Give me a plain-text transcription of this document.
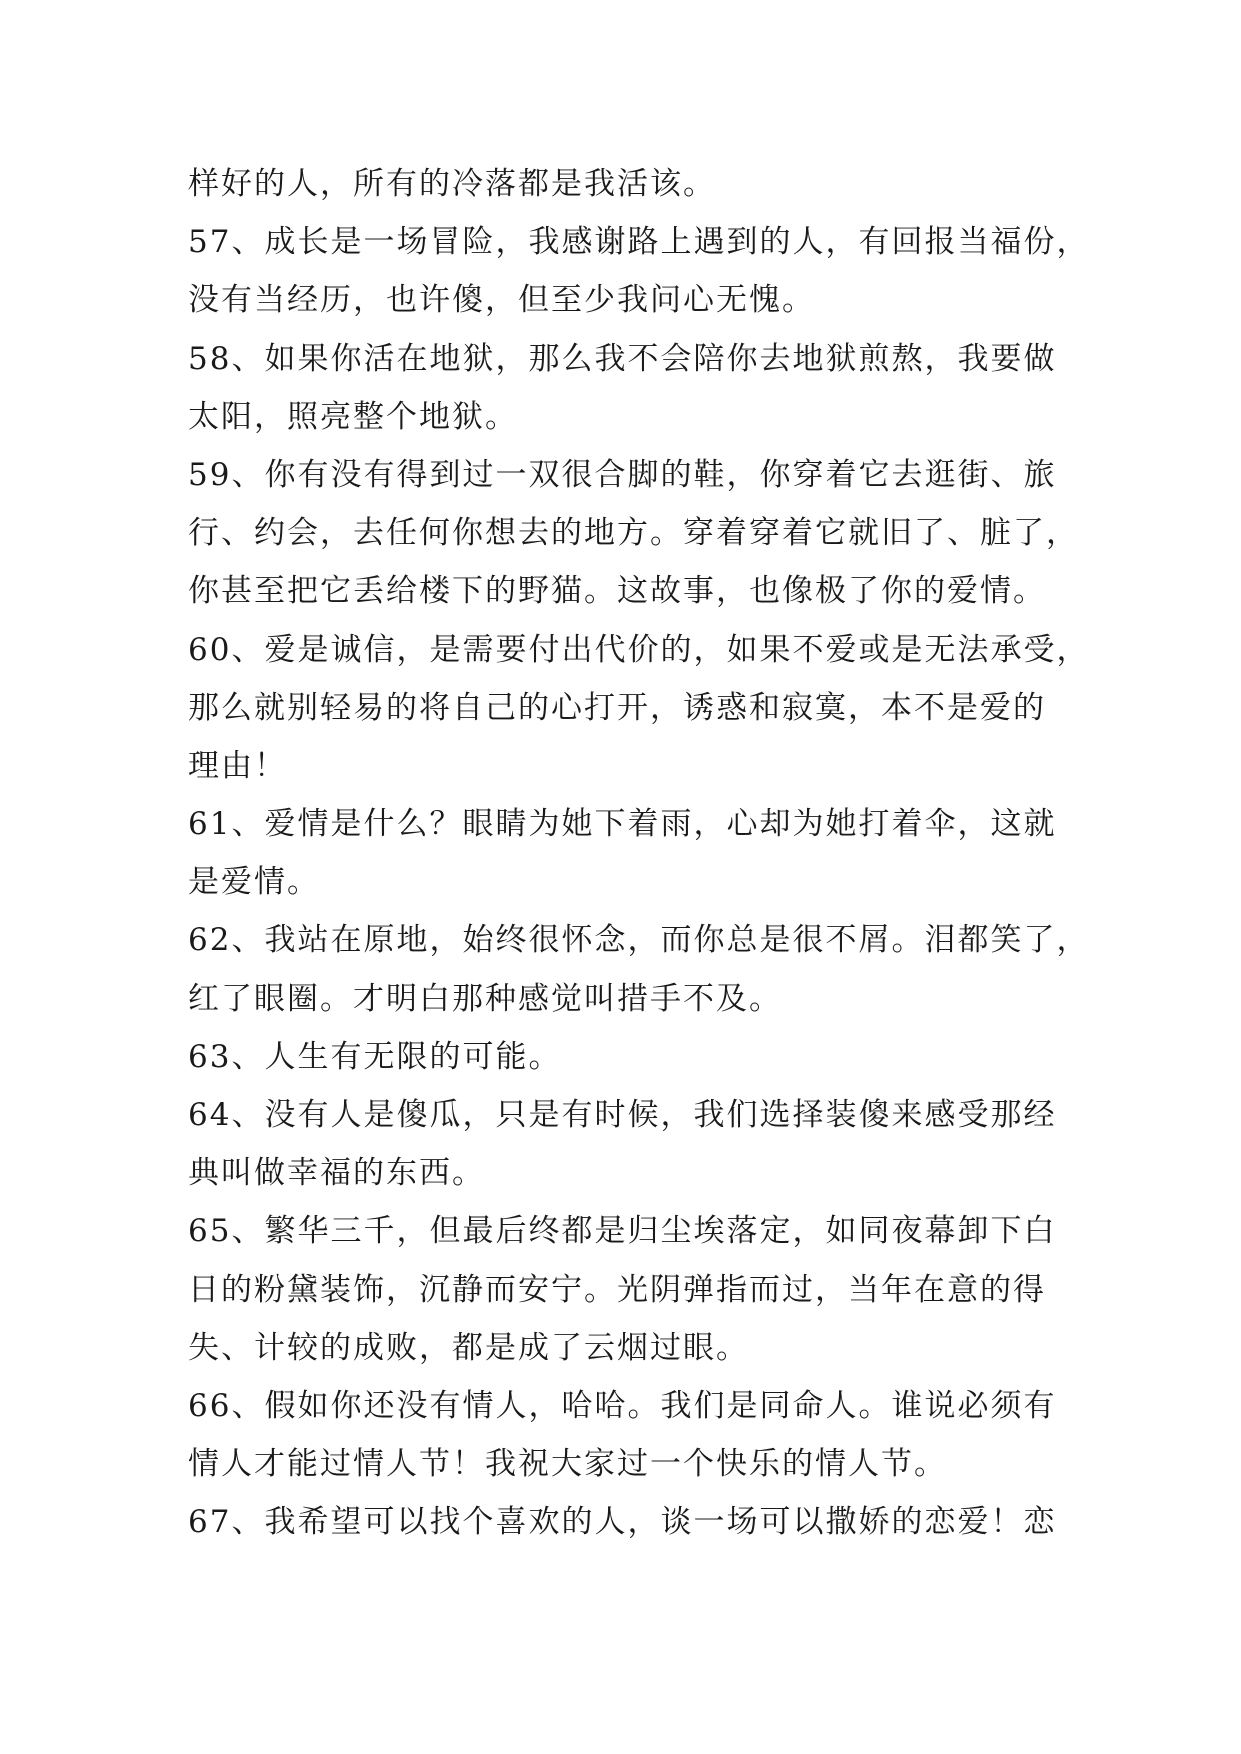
样好的人，所有的冷落都是我活该。
57、成长是一场冒险，我感谢路上遇到的人，有回报当福份，
没有当经历，也许傻，但至少我问心无愧。
58、如果你活在地狱，那么我不会陪你去地狱煎熬，我要做
太阳，照亮整个地狱。
59、你有没有得到过一双很合脚的鞋，你穿着它去逛街、旅
行、约会，去任何你想去的地方。穿着穿着它就旧了、脏了，
你甚至把它丢给楼下的野猫。这故事，也像极了你的爱情。
60、爱是诚信，是需要付出代价的，如果不爱或是无法承受，
那么就别轻易的将自己的心打开，诱惑和寂寞，本不是爱的
理由！
61、爱情是什么？眼睛为她下着雨，心却为她打着伞，这就
是爱情。
62、我站在原地，始终很怀念，而你总是很不屑。泪都笑了，
红了眼圈。才明白那种感觉叫措手不及。
63、人生有无限的可能。
64、没有人是傻瓜，只是有时候，我们选择装傻来感受那经
典叫做幸福的东西。
65、繁华三千，但最后终都是归尘埃落定，如同夜幕卸下白
日的粉黛装饰，沉静而安宁。光阴弹指而过，当年在意的得
失、计较的成败，都是成了云烟过眼。
66、假如你还没有情人，哈哈。我们是同命人。谁说必须有
情人才能过情人节！我祝大家过一个快乐的情人节。
67、我希望可以找个喜欢的人，谈一场可以撒娇的恋爱！恋
